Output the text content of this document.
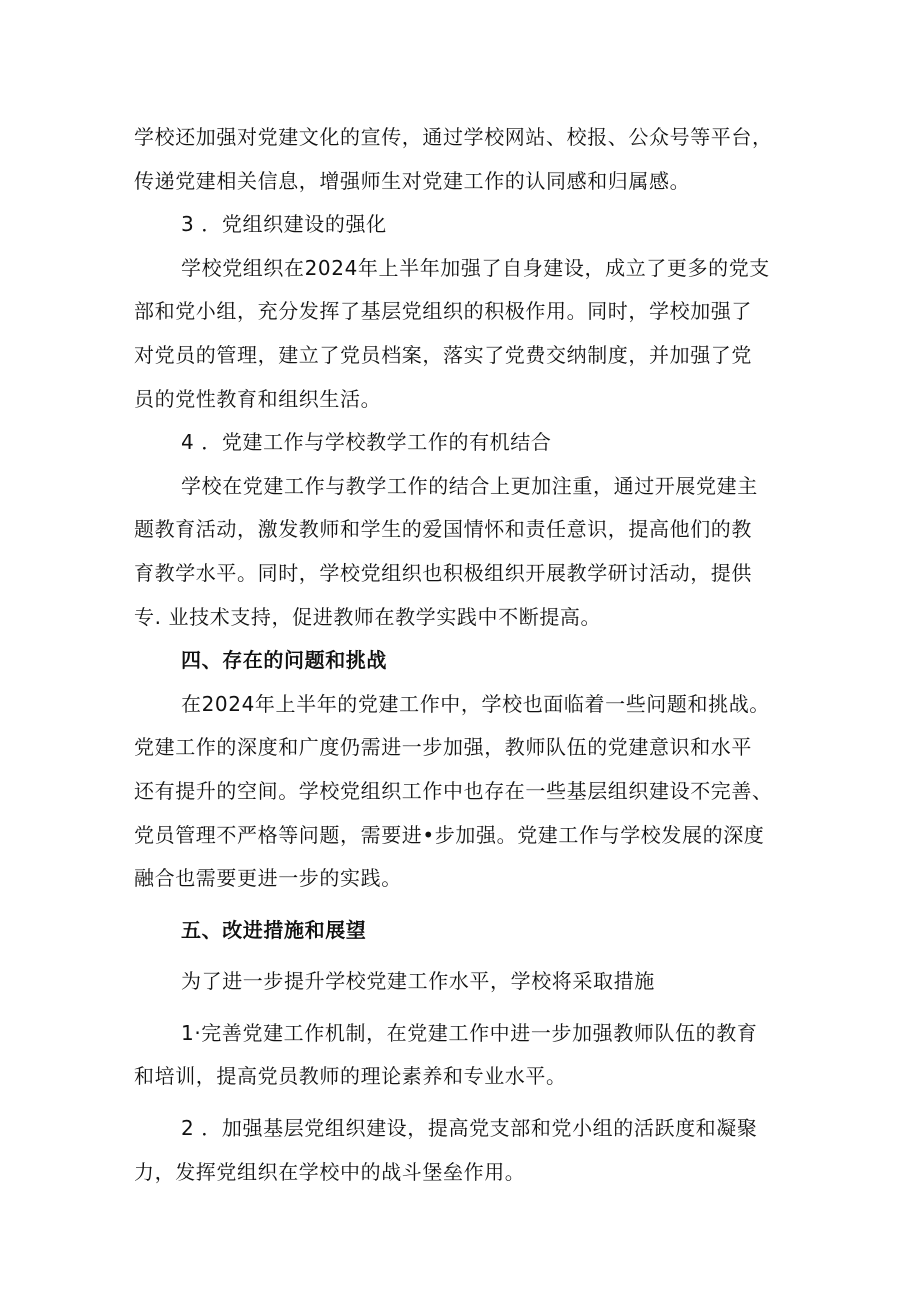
学校还加强对党建文化的宣传，通过学校网站、校报、公众号等平台，
传递党建相关信息，增强师生对党建工作的认同感和归属感。
3 ．党组织建设的强化
学校党组织在2024年上半年加强了自身建设，成立了更多的党支
部和党小组，充分发挥了基层党组织的积极作用。同时，学校加强了
对党员的管理，建立了党员档案，落实了党费交纳制度，并加强了党
员的党性教育和组织生活。
4 ．党建工作与学校教学工作的有机结合
学校在党建工作与教学工作的结合上更加注重，通过开展党建主
题教育活动，激发教师和学生的爱国情怀和责任意识，提高他们的教
育教学水平。同时，学校党组织也积极组织开展教学研讨活动，提供
专. 业技术支持，促进教师在教学实践中不断提高。
四、存在的问题和挑战
在2024年上半年的党建工作中，学校也面临着一些问题和挑战。
党建工作的深度和广度仍需进一步加强，教师队伍的党建意识和水平
还有提升的空间。学校党组织工作中也存在一些基层组织建设不完善、
党员管理不严格等问题，需要进•步加强。党建工作与学校发展的深度
融合也需要更进一步的实践。
五、改进措施和展望
为了进一步提升学校党建工作水平，学校将采取措施
1·完善党建工作机制，在党建工作中进一步加强教师队伍的教育
和培训，提高党员教师的理论素养和专业水平。
2 ．加强基层党组织建设，提高党支部和党小组的活跃度和凝聚
力，发挥党组织在学校中的战斗堡垒作用。
